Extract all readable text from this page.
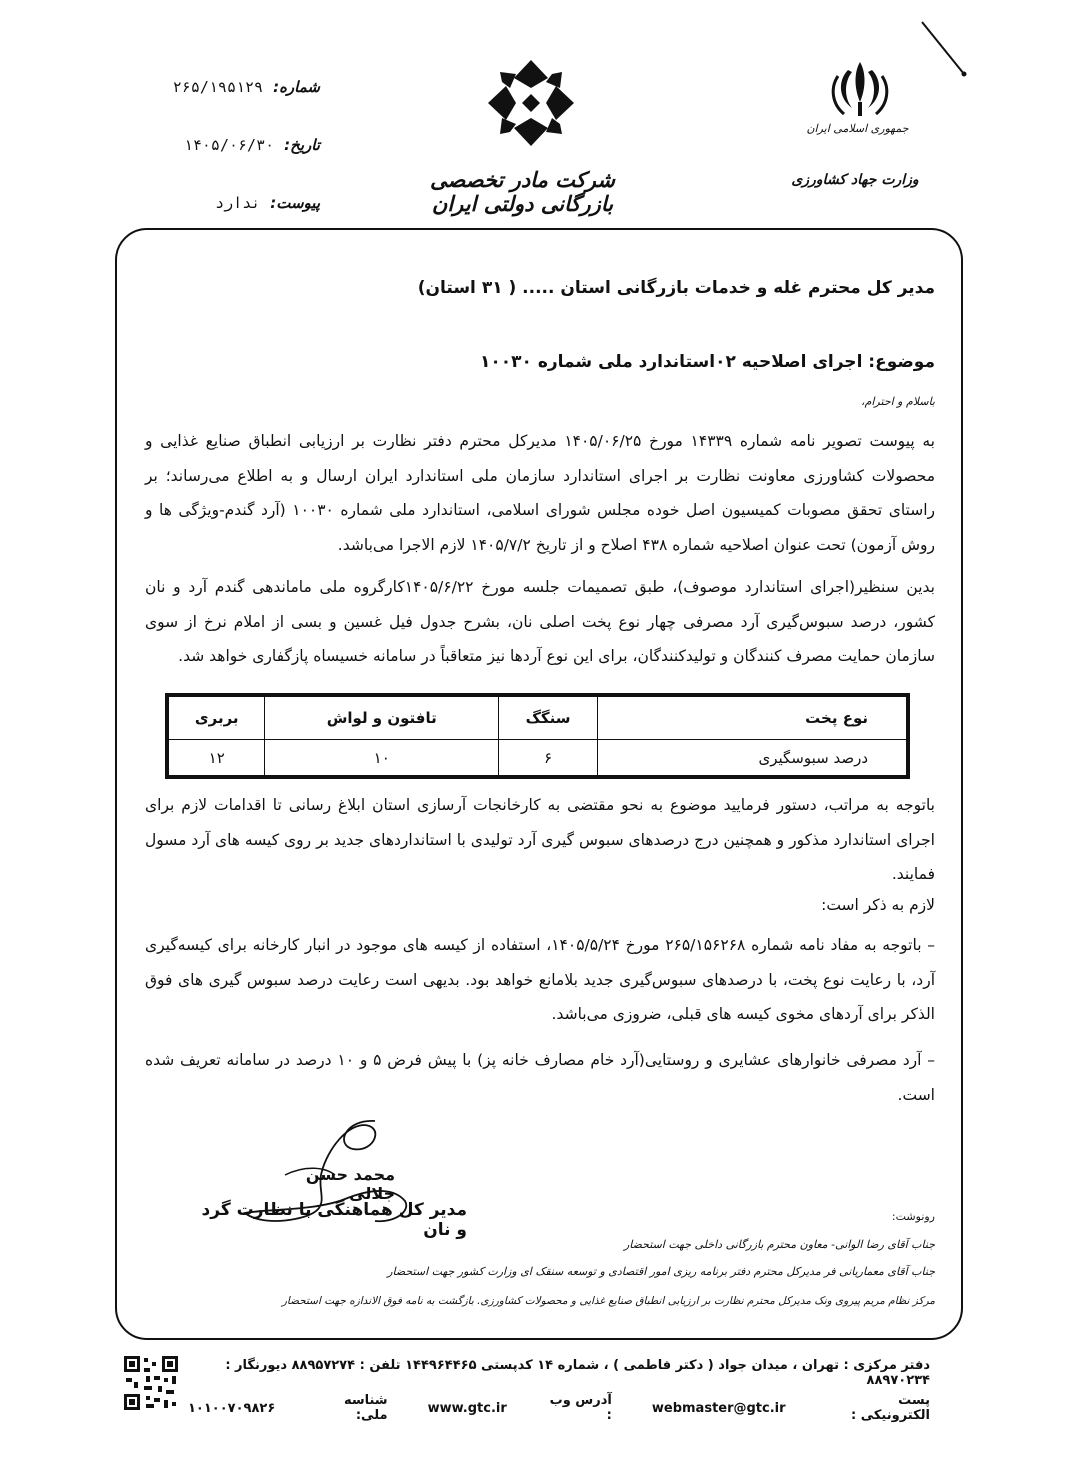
شماره:
۲۶۵/۱۹۵۱۲۹
تاریخ:
۱۴۰۵/۰۶/۳۰
پیوست:
ندارد
شرکت مادر تخصصی بازرگانی دولتی ایران
جمهوری اسلامی ایران
وزارت جهاد کشاورزی
مدیر کل محترم غله و خدمات بازرگانی استان ..... ( ۳۱ استان)
موضوع: اجرای اصلاحیه ۰۲استاندارد ملی شماره ۱۰۰۳۰
باسلام و احترام،
به پیوست تصویر نامه شماره ۱۴۳۳۹ مورخ ۱۴۰۵/۰۶/۲۵ مدیرکل محترم دفتر نظارت بر ارزیابی انطباق صنایع غذایی و محصولات کشاورزی معاونت نظارت بر اجرای استاندارد سازمان ملی استاندارد ایران ارسال و به اطلاع می‌رساند؛ بر راستای تحقق مصوبات کمیسیون اصل خوده مجلس شورای اسلامی، استاندارد ملی شماره ۱۰۰۳۰ (آرد گندم-ویژگی ها و روش آزمون) تحت عنوان اصلاحیه شماره ۴۳۸ اصلاح و از تاریخ ۱۴۰۵/۷/۲ لازم الاجرا می‌باشد.
بدین سنظیر(اجرای استاندارد موصوف)، طبق تصمیمات جلسه مورخ ۱۴۰۵/۶/۲۲کارگروه ملی ماماندهی گندم آرد و نان کشور، درصد سبوس‌گیری آرد مصرفی چهار نوع پخت اصلی نان، بشرح جدول فیل غسین و بسی از املام نرخ از سوی سازمان حمایت مصرف کنندگان و تولیدکنندگان، برای این نوع آردها نیز متعاقباً در سامانه خسیساه پازگفاری خواهد شد.
نوع پخت	سنگگ	تافتون و لواش	بربری
درصد سبوسگیری	۶	۱۰	۱۲
باتوجه به مراتب، دستور فرمایید موضوع به نحو مقتضی به کارخانجات آرسازی استان ابلاغ رسانی تا اقدامات لازم برای اجرای استاندارد مذکور و همچنین درج درصدهای سبوس گیری آرد تولیدی با استانداردهای جدید بر روی کیسه های آرد مسول فمایند.
لازم به ذکر است:
– باتوجه به مفاد نامه شماره ۲۶۵/۱۵۶۲۶۸ مورخ ۱۴۰۵/۵/۲۴، استفاده از کیسه های موجود در انبار کارخانه برای کیسه‌گیری آرد، با رعایت نوع پخت، با درصدهای سبوس‌گیری جدید بلامانع خواهد بود. بدیهی است رعایت درصد سبوس گیری های فوق الذکر برای آردهای مخوی کیسه های قبلی، ضروزی می‌باشد.
– آرد مصرفی خانوارهای عشایری و روستایی(آرد خام مصارف خانه پز) با پیش فرض ۵ و ۱۰ درصد در سامانه تعریف شده است.
محمد حسن جلالی
مدیر کل هماهنگی با نظارت گرد و نان
رونوشت:
جناب آقای رضا الوانی- معاون محترم بازرگانی داخلی جهت استحضار
جناب آقای معماریانی فر مدیرکل محترم دفتر برنامه ریزی امور اقتصادی و توسعه سنقک ای وزارت کشور جهت استحضار
مرکز نظام مریم پیروی ونک مدیرکل محترم نظارت بر ارزیابی انطباق صنایع غذایی و محصولات کشاورزی. بازگشت به نامه فوق الاندازه جهت استحضار
دفتر مرکزی : تهران ، میدان جواد ( دکتر فاطمی ) ، شماره ۱۴ کدپستی ۱۴۴۹۶۴۴۶۵ تلفن : ۸۸۹۵۷۲۷۴ دیورنگار : ۸۸۹۷۰۲۳۴
پست الکترونیکی :
webmaster@gtc.ir
آدرس وب :
www.gtc.ir
شناسه ملی:
۱۰۱۰۰۷۰۹۸۲۶
